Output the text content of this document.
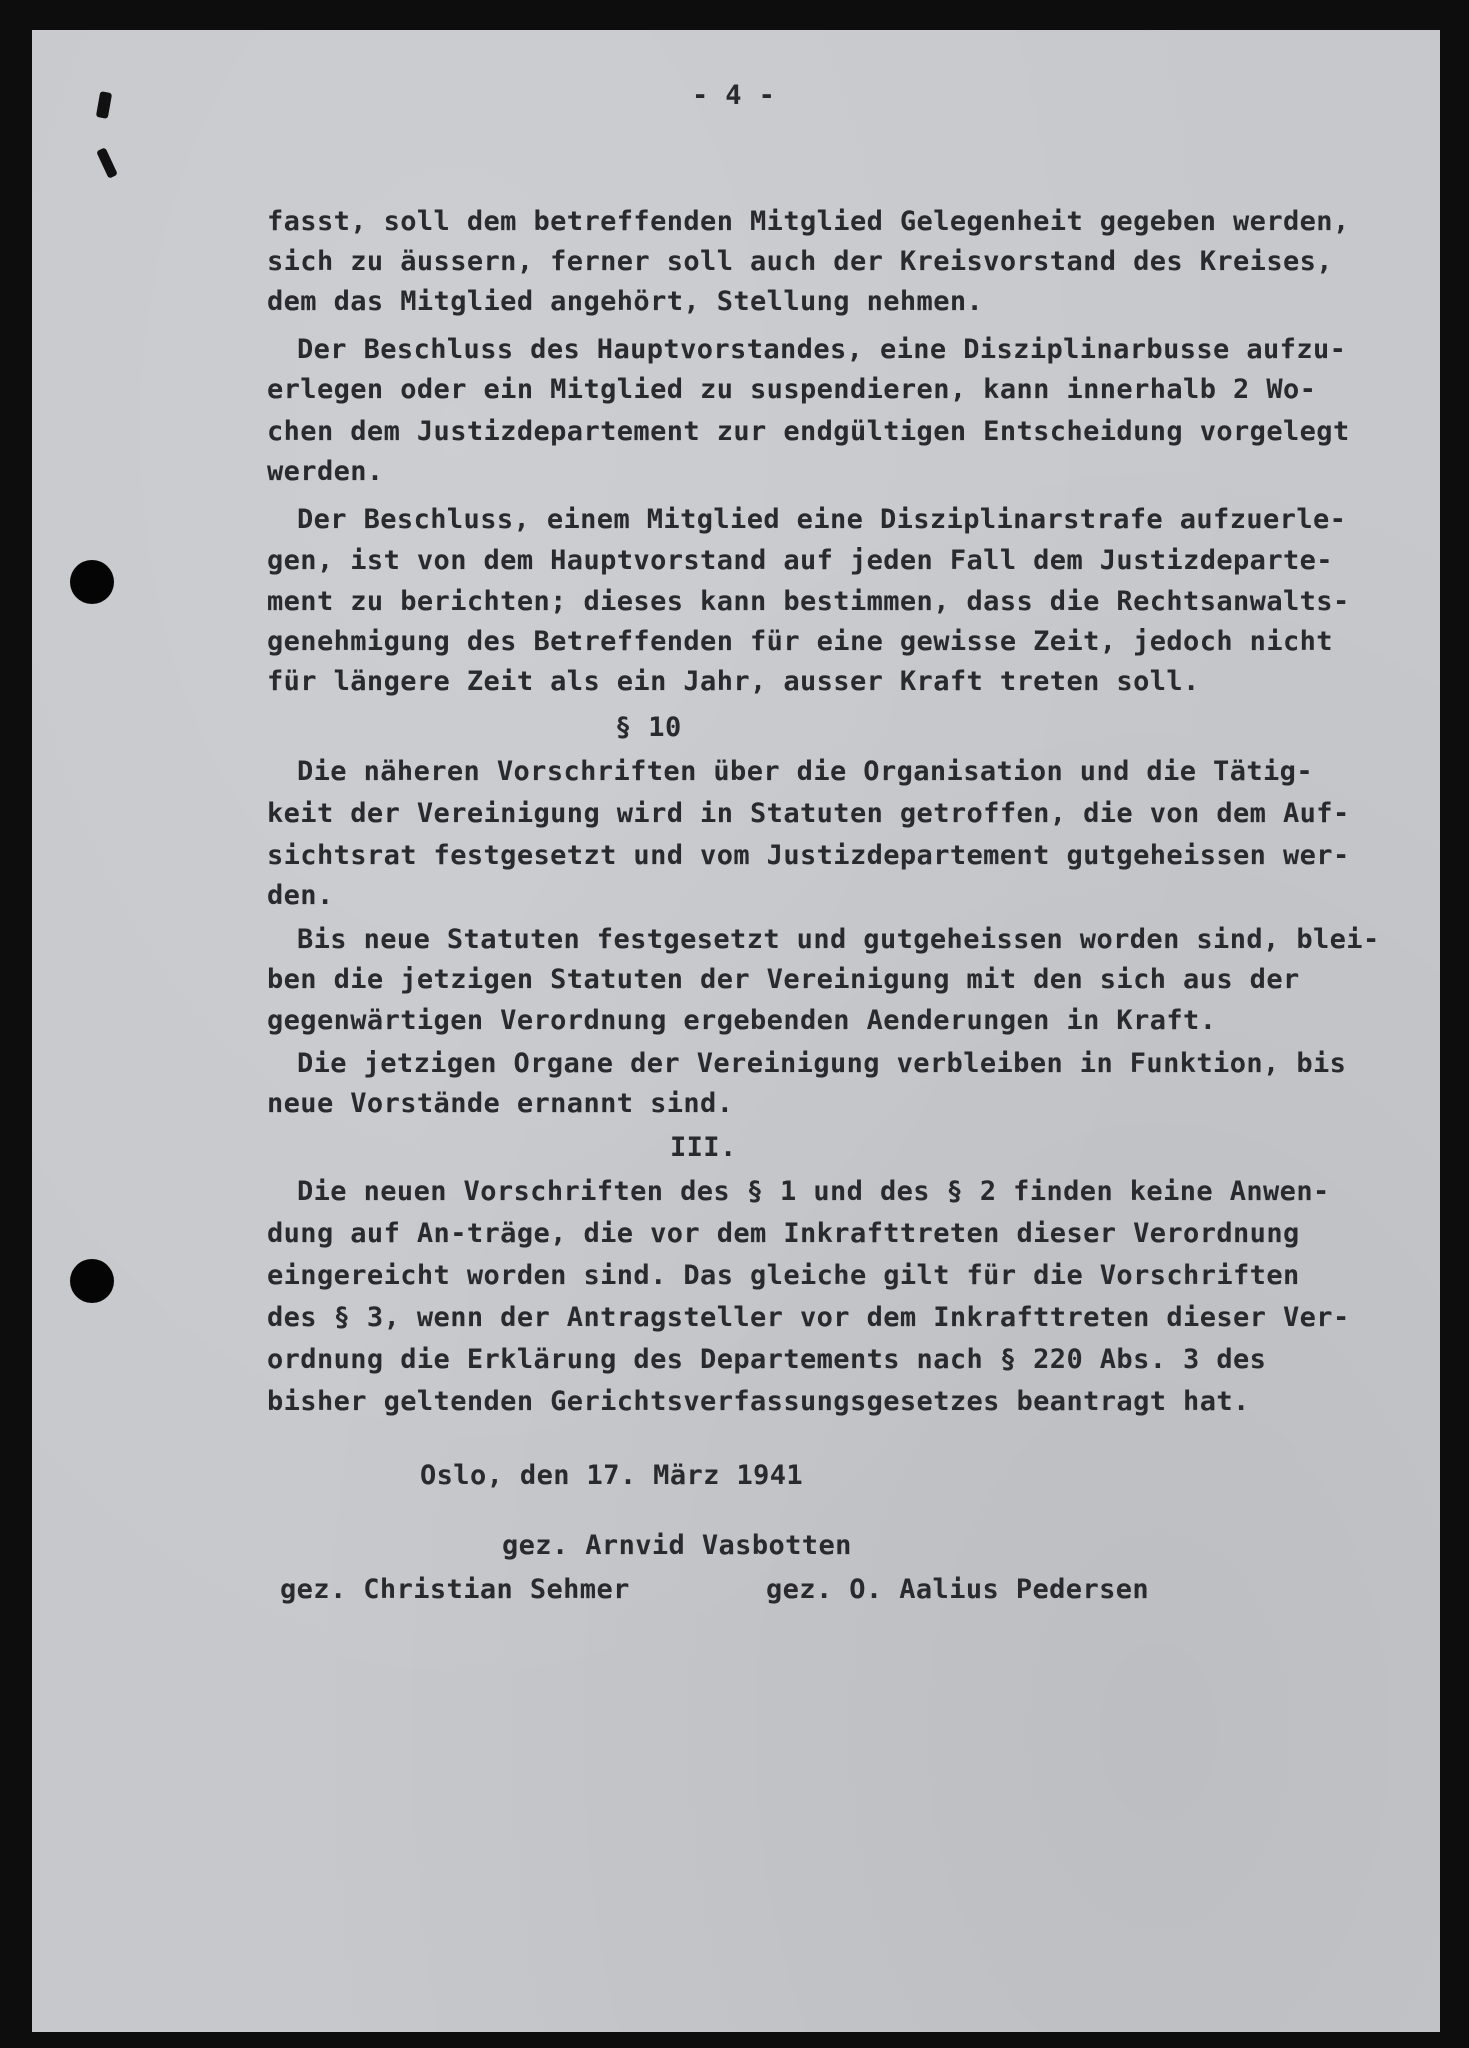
- 4 -
fasst, soll dem betreffenden Mitglied Gelegenheit gegeben werden,
sich zu äussern, ferner soll auch der Kreisvorstand des Kreises,
dem das Mitglied angehört, Stellung nehmen.
Der Beschluss des Hauptvorstandes, eine Disziplinarbusse aufzu-
erlegen oder ein Mitglied zu suspendieren, kann innerhalb 2 Wo-
chen dem Justizdepartement zur endgültigen Entscheidung vorgelegt
werden.
Der Beschluss, einem Mitglied eine Disziplinarstrafe aufzuerle-
gen, ist von dem Hauptvorstand auf jeden Fall dem Justizdeparte-
ment zu berichten; dieses kann bestimmen, dass die Rechtsanwalts-
genehmigung des Betreffenden für eine gewisse Zeit, jedoch nicht
für längere Zeit als ein Jahr, ausser Kraft treten soll.
§ 10
Die näheren Vorschriften über die Organisation und die Tätig-
keit der Vereinigung wird in Statuten getroffen, die von dem Auf-
sichtsrat festgesetzt und vom Justizdepartement gutgeheissen wer-
den.
Bis neue Statuten festgesetzt und gutgeheissen worden sind, blei-
ben die jetzigen Statuten der Vereinigung mit den sich aus der
gegenwärtigen Verordnung ergebenden Aenderungen in Kraft.
Die jetzigen Organe der Vereinigung verbleiben in Funktion, bis
neue Vorstände ernannt sind.
III.
Die neuen Vorschriften des § 1 und des § 2 finden keine Anwen-
dung auf An-träge, die vor dem Inkrafttreten dieser Verordnung
eingereicht worden sind. Das gleiche gilt für die Vorschriften
des § 3, wenn der Antragsteller vor dem Inkrafttreten dieser Ver-
ordnung die Erklärung des Departements nach § 220 Abs. 3 des
bisher geltenden Gerichtsverfassungsgesetzes beantragt hat.
Oslo, den 17. März 1941
gez. Arnvid Vasbotten
gez. Christian Sehmer	gez. O. Aalius Pedersen
